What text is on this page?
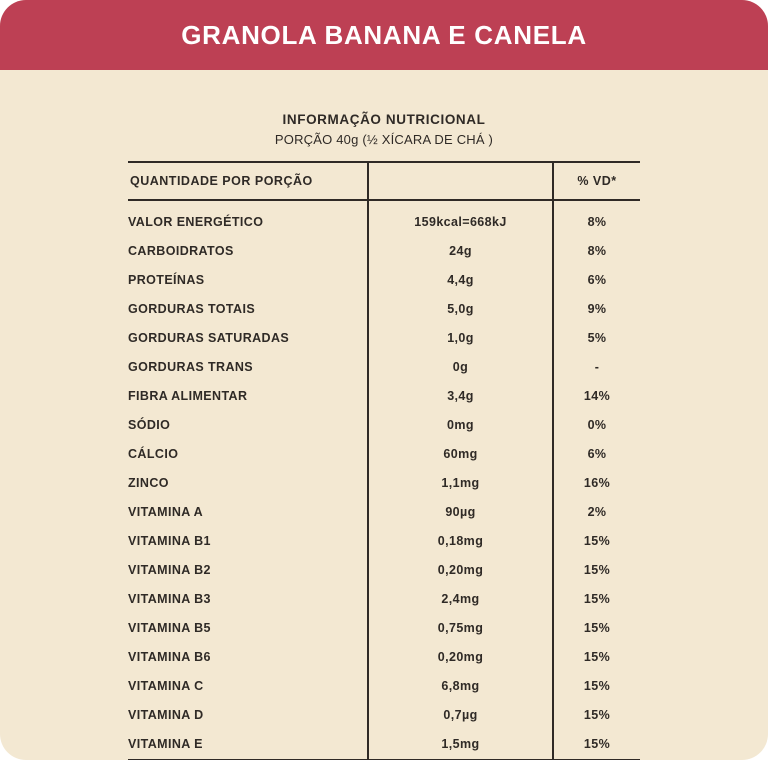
GRANOLA BANANA E CANELA
INFORMAÇÃO NUTRICIONAL
PORÇÃO 40g (½ XÍCARA DE CHÁ )
QUANTIDADE POR PORÇÃO		% VD*
VALOR ENERGÉTICO	159kcal=668kJ	8%
CARBOIDRATOS	24g	8%
PROTEÍNAS	4,4g	6%
GORDURAS TOTAIS	5,0g	9%
GORDURAS SATURADAS	1,0g	5%
GORDURAS TRANS	0g	-
FIBRA ALIMENTAR	3,4g	14%
SÓDIO	0mg	0%
CÁLCIO	60mg	6%
ZINCO	1,1mg	16%
VITAMINA A	90µg	2%
VITAMINA B1	0,18mg	15%
VITAMINA B2	0,20mg	15%
VITAMINA B3	2,4mg	15%
VITAMINA B5	0,75mg	15%
VITAMINA B6	0,20mg	15%
VITAMINA C	6,8mg	15%
VITAMINA D	0,7µg	15%
VITAMINA E	1,5mg	15%
